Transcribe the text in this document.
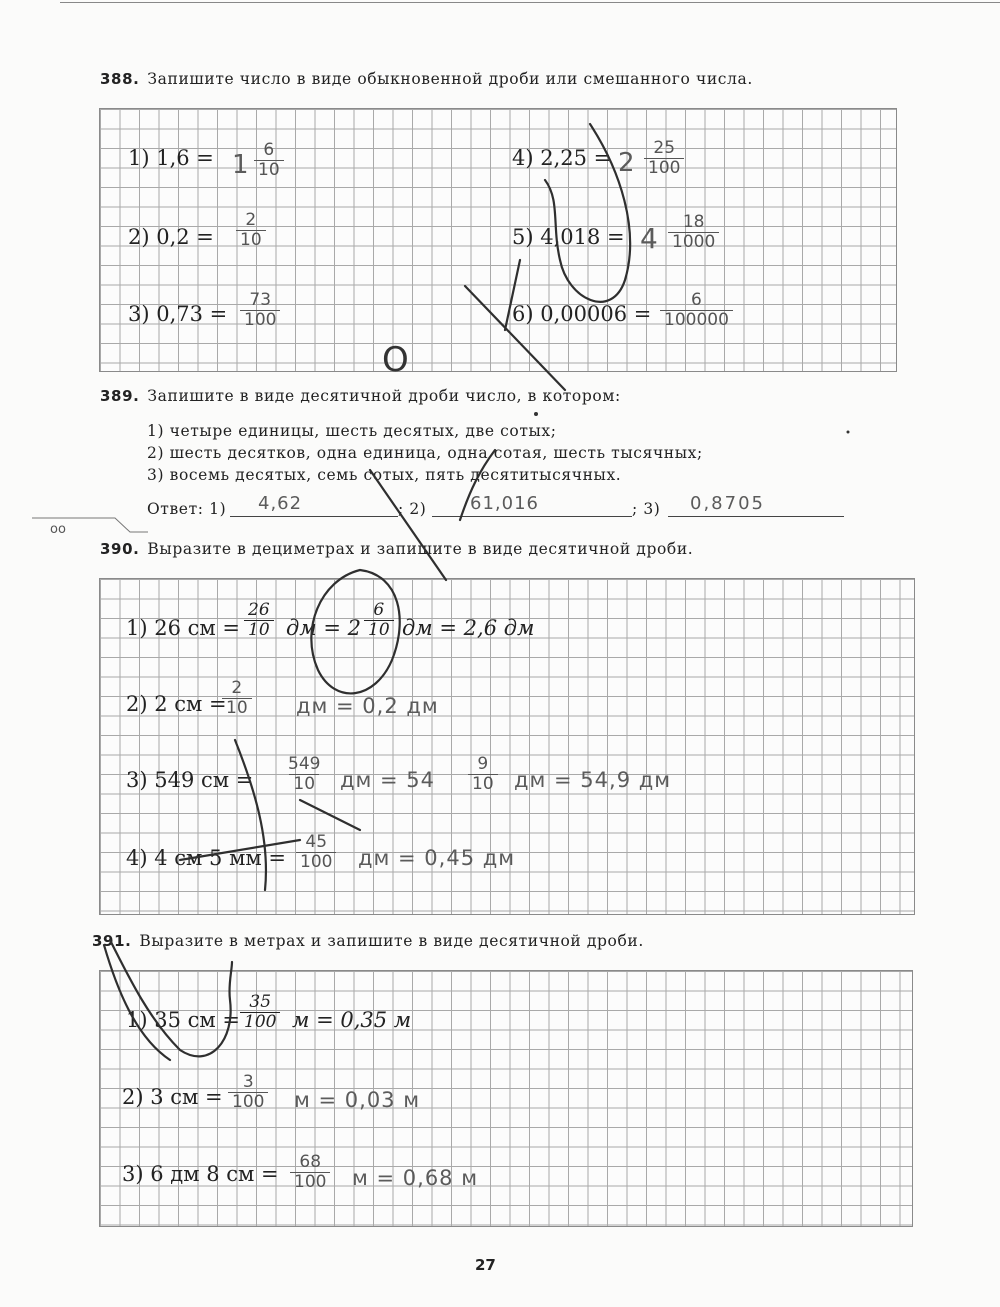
388. Запишите число в виде обыкновенной дроби или смешанного числа.
1) $1,6 = 1 \frac{6}{10}$
2) $0,2 = \frac{2}{10}$
3) $0,73 = \frac{73}{100}$
4) $2,25 = 2 \frac{25}{100}$
5) $4,018 = 4 \frac{18}{1000}$
6) $0,00006 = \frac{6}{100000}$
389. Запишите в виде десятичной дроби число, в котором:
1) четыре единицы, шесть десятых, две сотых;
2) шесть десятков, одна единица, одна сотая, шесть тысячных;
3) восемь десятых, семь сотых, пять десятитысячных.
Ответ: 1) 4,62	; 2) 61,016	; 3) 0,8705
оо
390. Выразите в дециметрах и запишите в виде десятичной дроби.
1) 26 см = $\frac{26}{10}$ дм = $2 \frac{6}{10}$ дм = 2,6 дм
2) 2 см =
$\frac{2}{10}$ дм = 0,2 дм
3) 549 см = $\frac{549}{10}$ дм = $54 \frac{9}{10}$ дм = 54,9 дм
4) 4 см 5 мм = $\frac{45}{100}$ дм = 0,45 дм
391. Выразите в метрах и запишите в виде десятичной дроби.
1) 35 см = $\frac{35}{100}$ м = 0,35 м
2) 3 см = $\frac{3}{100}$ м = 0,03 м
3) 6 дм 8 см = $\frac{68}{100}$ м = 0,68 м
О
27
